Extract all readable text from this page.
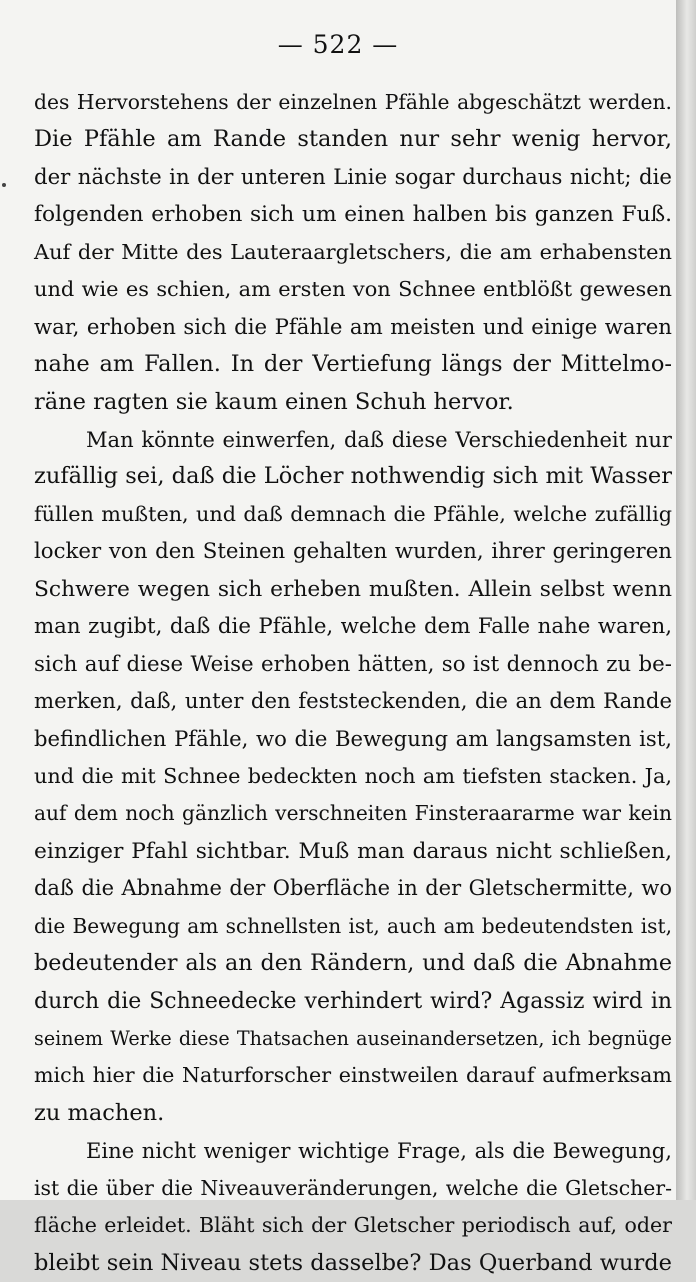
— 522 —
des Hervorstehens der einzelnen Pfähle abgeschätzt werden.
Die Pfähle am Rande standen nur sehr wenig hervor,
der nächste in der unteren Linie sogar durchaus nicht; die
folgenden erhoben sich um einen halben bis ganzen Fuß.
Auf der Mitte des Lauteraargletschers, die am erhabensten
und wie es schien, am ersten von Schnee entblößt gewesen
war, erhoben sich die Pfähle am meisten und einige waren
nahe am Fallen. In der Vertiefung längs der Mittelmo-
räne ragten sie kaum einen Schuh hervor.
Man könnte einwerfen, daß diese Verschiedenheit nur
zufällig sei, daß die Löcher nothwendig sich mit Wasser
füllen mußten, und daß demnach die Pfähle, welche zufällig
locker von den Steinen gehalten wurden, ihrer geringeren
Schwere wegen sich erheben mußten. Allein selbst wenn
man zugibt, daß die Pfähle, welche dem Falle nahe waren,
sich auf diese Weise erhoben hätten, so ist dennoch zu be-
merken, daß, unter den feststeckenden, die an dem Rande
befindlichen Pfähle, wo die Bewegung am langsamsten ist,
und die mit Schnee bedeckten noch am tiefsten stacken. Ja,
auf dem noch gänzlich verschneiten Finsteraararme war kein
einziger Pfahl sichtbar. Muß man daraus nicht schließen,
daß die Abnahme der Oberfläche in der Gletschermitte, wo
die Bewegung am schnellsten ist, auch am bedeutendsten ist,
bedeutender als an den Rändern, und daß die Abnahme
durch die Schneedecke verhindert wird? Agassiz wird in
seinem Werke diese Thatsachen auseinandersetzen, ich begnüge
mich hier die Naturforscher einstweilen darauf aufmerksam
zu machen.
Eine nicht weniger wichtige Frage, als die Bewegung,
ist die über die Niveauveränderungen, welche die Gletscher-
fläche erleidet. Bläht sich der Gletscher periodisch auf, oder
bleibt sein Niveau stets dasselbe? Das Querband wurde
